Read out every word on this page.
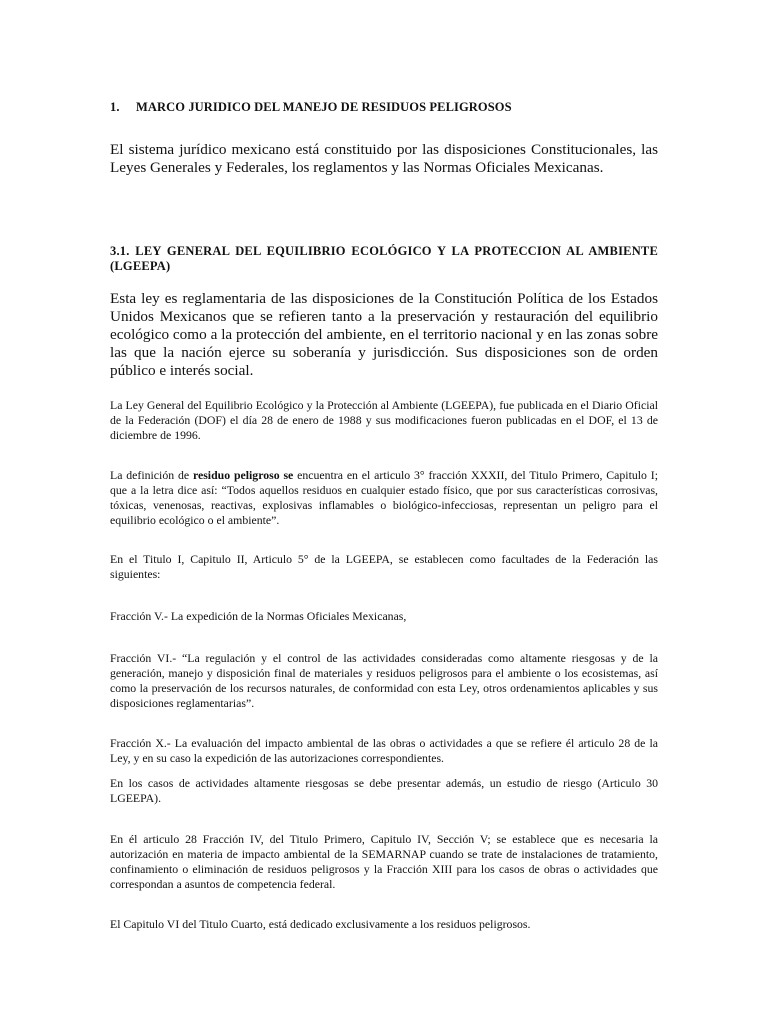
1. MARCO JURIDICO DEL MANEJO DE RESIDUOS PELIGROSOS

El sistema jurídico mexicano está constituido por las disposiciones Constitucionales, las Leyes Generales y Federales, los reglamentos y las Normas Oficiales Mexicanas.

3.1. LEY GENERAL DEL EQUILIBRIO ECOLÓGICO Y LA PROTECCION AL AMBIENTE (LGEEPA)

Esta ley es reglamentaria de las disposiciones de la Constitución Política de los Estados Unidos Mexicanos que se refieren tanto a la preservación y restauración del equilibrio ecológico como a la protección del ambiente, en el territorio nacional y en las zonas sobre las que la nación ejerce su soberanía y jurisdicción. Sus disposiciones son de orden público e interés social.

La Ley General del Equilibrio Ecológico y la Protección al Ambiente (LGEEPA), fue publicada en el Diario Oficial de la Federación (DOF) el día 28 de enero de 1988 y sus modificaciones fueron publicadas en el DOF, el 13 de diciembre de 1996.

La definición de residuo peligroso se encuentra en el articulo 3° fracción XXXII, del Titulo Primero, Capitulo I; que a la letra dice así: “Todos aquellos residuos en cualquier estado físico, que por sus características corrosivas, tóxicas, venenosas, reactivas, explosivas inflamables o biológico-infecciosas, representan un peligro para el equilibrio ecológico o el ambiente”.

En el Titulo I, Capitulo II, Articulo 5° de la LGEEPA, se establecen como facultades de la Federación las siguientes:

Fracción V.- La expedición de la Normas Oficiales Mexicanas,

Fracción VI.- “La regulación y el control de las actividades consideradas como altamente riesgosas y de la generación, manejo y disposición final de materiales y residuos peligrosos para el ambiente o los ecosistemas, así como la preservación de los recursos naturales, de conformidad con esta Ley, otros ordenamientos aplicables y sus disposiciones reglamentarias”.

Fracción X.- La evaluación del impacto ambiental de las obras o actividades a que se refiere él articulo 28 de la Ley, y en su caso la expedición de las autorizaciones correspondientes.

En los casos de actividades altamente riesgosas se debe presentar además, un estudio de riesgo (Articulo 30 LGEEPA).

En él articulo 28 Fracción IV, del Titulo Primero, Capitulo IV, Sección V; se establece que es necesaria la autorización en materia de impacto ambiental de la SEMARNAP cuando se trate de instalaciones de tratamiento, confinamiento o eliminación de residuos peligrosos y la Fracción XIII para los casos de obras o actividades que correspondan a asuntos de competencia federal.

El Capitulo VI del Titulo Cuarto, está dedicado exclusivamente a los residuos peligrosos.
